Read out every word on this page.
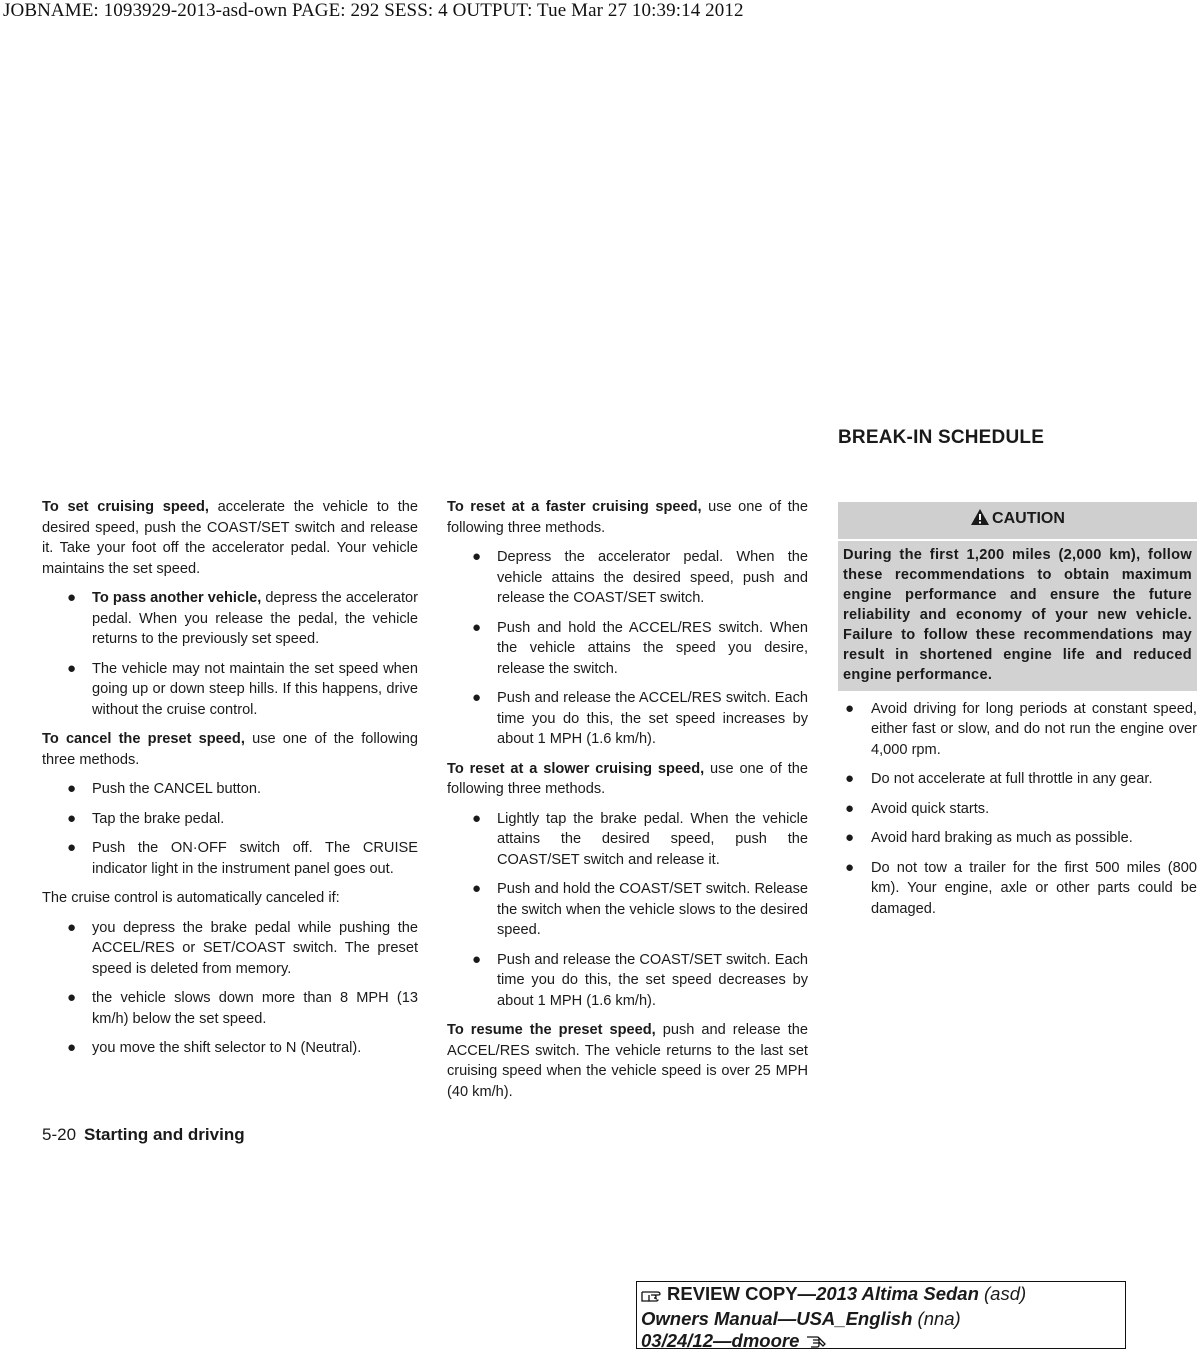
JOBNAME: 1093929-2013-asd-own PAGE: 292 SESS: 4 OUTPUT: Tue Mar 27 10:39:14 2012
BREAK-IN SCHEDULE

To set cruising speed, accelerate the vehicle to the desired speed, push the COAST/SET switch and release it. Take your foot off the accelerator pedal. Your vehicle maintains the set speed.

● To pass another vehicle, depress the accelerator pedal. When you release the pedal, the vehicle returns to the previously set speed.
● The vehicle may not maintain the set speed when going up or down steep hills. If this happens, drive without the cruise control.

To cancel the preset speed, use one of the following three methods.

● Push the CANCEL button.
● Tap the brake pedal.
● Push the ON·OFF switch off. The CRUISE indicator light in the instrument panel goes out.

The cruise control is automatically canceled if:

● you depress the brake pedal while pushing the ACCEL/RES or SET/COAST switch. The preset speed is deleted from memory.
● the vehicle slows down more than 8 MPH (13 km/h) below the set speed.
● you move the shift selector to N (Neutral).

To reset at a faster cruising speed, use one of the following three methods.

● Depress the accelerator pedal. When the vehicle attains the desired speed, push and release the COAST/SET switch.
● Push and hold the ACCEL/RES switch. When the vehicle attains the speed you desire, release the switch.
● Push and release the ACCEL/RES switch. Each time you do this, the set speed increases by about 1 MPH (1.6 km/h).

To reset at a slower cruising speed, use one of the following three methods.

● Lightly tap the brake pedal. When the vehicle attains the desired speed, push the COAST/SET switch and release it.
● Push and hold the COAST/SET switch. Release the switch when the vehicle slows to the desired speed.
● Push and release the COAST/SET switch. Each time you do this, the set speed decreases by about 1 MPH (1.6 km/h).

To resume the preset speed, push and release the ACCEL/RES switch. The vehicle returns to the last set cruising speed when the vehicle speed is over 25 MPH (40 km/h).

CAUTION
During the first 1,200 miles (2,000 km), follow these recommendations to obtain maximum engine performance and ensure the future reliability and economy of your new vehicle. Failure to follow these recommendations may result in shortened engine life and reduced engine performance.
● Avoid driving for long periods at constant speed, either fast or slow, and do not run the engine over 4,000 rpm.
● Do not accelerate at full throttle in any gear.
● Avoid quick starts.
● Avoid hard braking as much as possible.
● Do not tow a trailer for the first 500 miles (800 km). Your engine, axle or other parts could be damaged.
5-20 Starting and driving
REVIEW COPY—2013 Altima Sedan (asd)
Owners Manual—USA_English (nna)
03/24/12—dmoore
